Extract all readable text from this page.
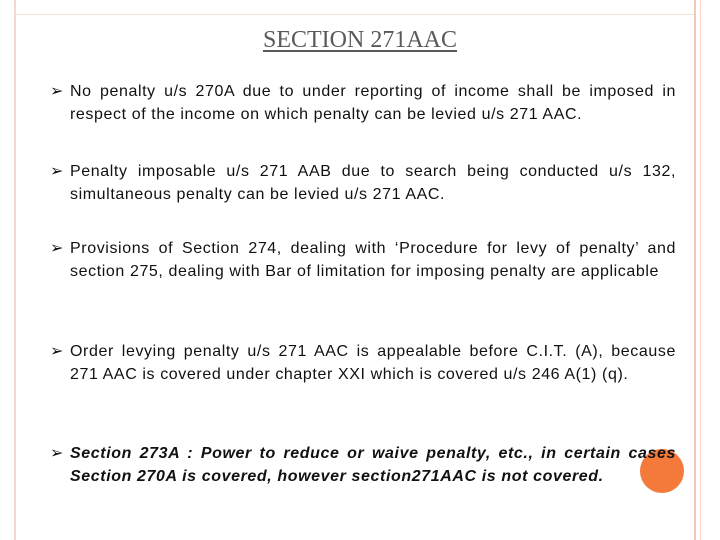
SECTION 271AAC
➢ No penalty u/s 270A due to under reporting of income shall be imposed in respect of the income on which penalty can be levied u/s 271 AAC.
➢ Penalty imposable u/s 271 AAB due to search being conducted u/s 132, simultaneous penalty can be levied u/s 271 AAC.
➢ Provisions of Section 274, dealing with ‘Procedure for levy of penalty’ and section 275, dealing with Bar of limitation for imposing penalty are applicable
➢ Order levying penalty u/s 271 AAC is appealable before C.I.T. (A), because 271 AAC is covered under chapter XXI which is covered u/s 246 A(1) (q).
➢ Section 273A : Power to reduce or waive penalty, etc., in certain cases Section 270A is covered, however section271AAC is not covered.
